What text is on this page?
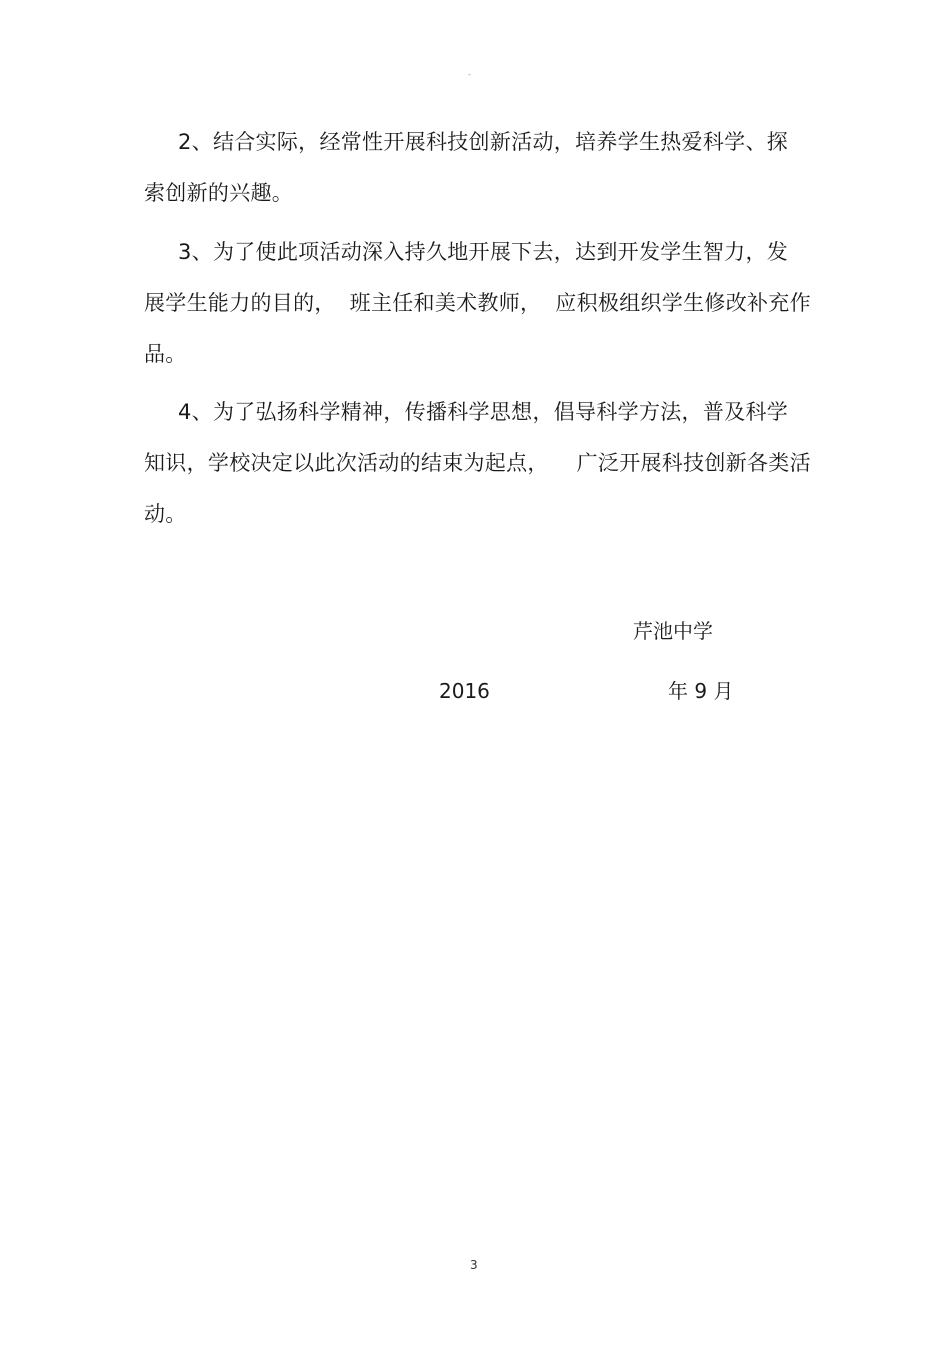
-
2、结合实际，经常性开展科技创新活动，培养学生热爱科学、探
索创新的兴趣。
3、为了使此项活动深入持久地开展下去，达到开发学生智力，发
展学生能力的目的，  班主任和美术教师，  应积极组织学生修改补充作
品。
4、为了弘扬科学精神，传播科学思想，倡导科学方法，普及科学
知识，学校决定以此次活动的结束为起点，    广泛开展科技创新各类活
动。
芹池中学
2016	年 9 月
3
